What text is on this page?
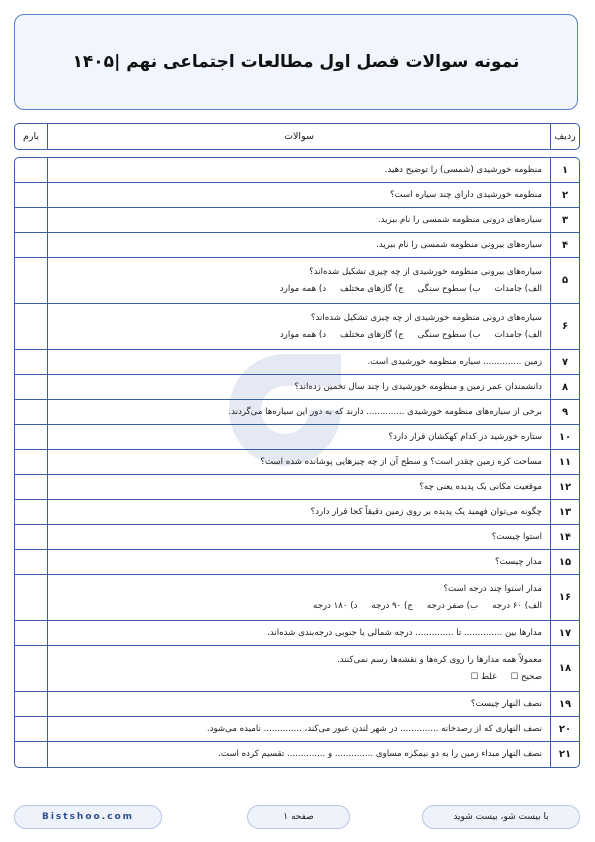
نمونه سوالات فصل اول مطالعات اجتماعی نهم |۱۴۰۵
ردیف
سوالات
بارم
۱
منظومه خورشیدی (شمسی) را توضیح دهید.
۲
منظومه خورشیدی دارای چند سیاره است؟
۳
سیاره‌های درونی منظومه شمسی را نام ببرید.
۴
سیاره‌های بیرونی منظومه شمسی را نام ببرید.
۵
سیاره‌های بیرونی منظومه خورشیدی از چه چیزی تشکیل شده‌اند؟
الف) جامدات
ب) سطوح سنگی
ج) گازهای مختلف
د) همه موارد
۶
سیاره‌های درونی منظومه خورشیدی از چه چیزی تشکیل شده‌اند؟
الف) جامدات
ب) سطوح سنگی
ج) گازهای مختلف
د) همه موارد
۷
زمین .............. سیاره منظومه خورشیدی است.
۸
دانشمندان عمر زمین و منظومه خورشیدی را چند سال تخمین زده‌اند؟
۹
برخی از سیاره‌های منظومه خورشیدی .............. دارند که به دور این سیاره‌ها می‌گردند.
۱۰
ستاره خورشید در کدام کهکشان قرار دارد؟
۱۱
مساحت کره زمین چقدر است؟ و سطح آن از چه چیزهایی پوشانده شده است؟
۱۲
موقعیت مکانی یک پدیده یعنی چه؟
۱۳
چگونه می‌توان فهمید یک پدیده بر روی زمین دقیقاً کجا قرار دارد؟
۱۴
استوا چیست؟
۱۵
مدار چیست؟
۱۶
مدار استوا چند درجه است؟
الف) ۶۰ درجه
ب) صفر درجه
ج) ۹۰ درجه
د) ۱۸۰ درجه
۱۷
مدارها بین .............. تا .............. درجه شمالی یا جنوبی درجه‌بندی شده‌اند.
۱۸
معمولاً همه مدارها را روی کره‌ها و نقشه‌ها رسم نمی‌کنند.
صحیح ☐
غلط ☐
۱۹
نصف النهار چیست؟
۲۰
نصف النهاری که از رصدخانه .............. در شهر لندن عبور می‌کند، .............. نامیده می‌شود.
۲۱
نصف النهار مبداء زمین را به دو نیمکره مساوی .............. و .............. تقسیم کرده است.
Bistshoo.com	صفحه ۱	با بیست شو، بیست شوید
